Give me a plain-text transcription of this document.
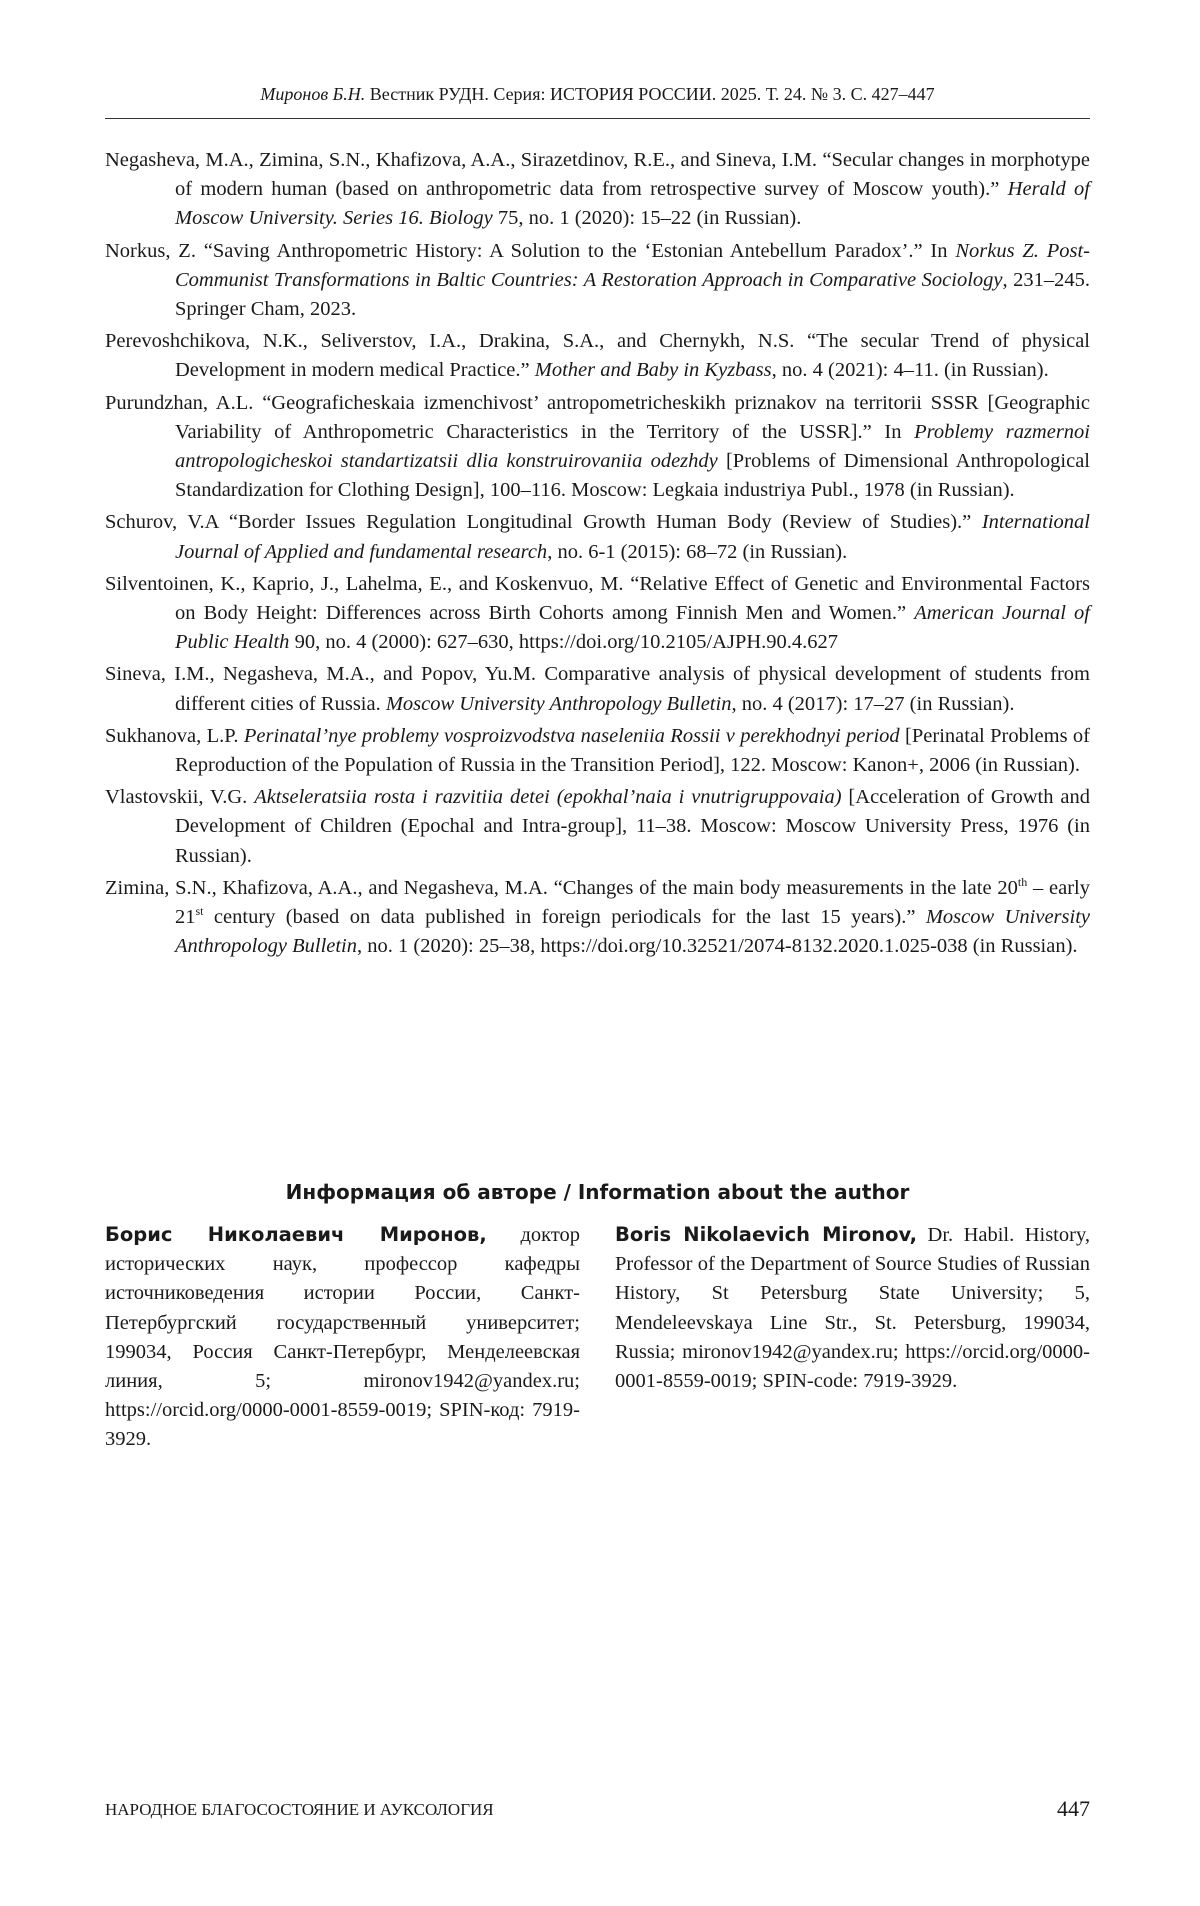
Миронов Б.Н. Вестник РУДН. Серия: ИСТОРИЯ РОССИИ. 2025. Т. 24. № 3. С. 427–447

Negasheva, M.A., Zimina, S.N., Khafizova, A.A., Sirazetdinov, R.E., and Sineva, I.M. “Secular changes in morphotype of modern human (based on anthropometric data from retrospective survey of Moscow youth).” Herald of Moscow University. Series 16. Biology 75, no. 1 (2020): 15–22 (in Russian).

Norkus, Z. “Saving Anthropometric History: A Solution to the ‘Estonian Antebellum Paradox’.” In Norkus Z. Post-Communist Transformations in Baltic Countries: A Restoration Approach in Comparative Sociology, 231–245. Springer Cham, 2023.

Perevoshchikova, N.K., Seliverstov, I.A., Drakina, S.A., and Chernykh, N.S. “The secular Trend of physical Development in modern medical Practice.” Mother and Baby in Kyzbass, no. 4 (2021): 4–11. (in Russian).

Purundzhan, A.L. “Geograficheskaia izmenchivost’ antropometricheskikh priznakov na territorii SSSR [Geographic Variability of Anthropometric Characteristics in the Territory of the USSR].” In Problemy razmernoi antropologicheskoi standartizatsii dlia konstruirovaniia odezhdy [Problems of Dimensional Anthropological Standardization for Clothing Design], 100–116. Moscow: Legkaia industriya Publ., 1978 (in Russian).

Schurov, V.A “Border Issues Regulation Longitudinal Growth Human Body (Review of Studies).” International Journal of Applied and fundamental research, no. 6-1 (2015): 68–72 (in Russian).

Silventoinen, K., Kaprio, J., Lahelma, E., and Koskenvuo, M. “Relative Effect of Genetic and Environmental Factors on Body Height: Differences across Birth Cohorts among Finnish Men and Women.” American Journal of Public Health 90, no. 4 (2000): 627–630, https://doi.org/10.2105/AJPH.90.4.627

Sineva, I.M., Negasheva, M.A., and Popov, Yu.M. Comparative analysis of physical development of students from different cities of Russia. Moscow University Anthropology Bulletin, no. 4 (2017): 17–27 (in Russian).

Sukhanova, L.P. Perinatal’nye problemy vosproizvodstva naseleniia Rossii v perekhodnyi period [Perinatal Problems of Reproduction of the Population of Russia in the Transition Period], 122. Moscow: Kanon+, 2006 (in Russian).

Vlastovskii, V.G. Aktseleratsiia rosta i razvitiia detei (epokhal’naia i vnutrigruppovaia) [Acceleration of Growth and Development of Children (Epochal and Intra-group], 11–38. Moscow: Moscow University Press, 1976 (in Russian).

Zimina, S.N., Khafizova, A.A., and Negasheva, M.A. “Changes of the main body measurements in the late 20th – early 21st century (based on data published in foreign periodicals for the last 15 years).” Moscow University Anthropology Bulletin, no. 1 (2020): 25–38, https://doi.org/10.32521/2074-8132.2020.1.025-038 (in Russian).

Информация об авторе / Information about the author
Борис Николаевич Миронов, доктор исторических наук, профессор кафедры источниковедения истории России, Санкт-Петербургский государственный университет; 199034, Россия Санкт-Петербург, Менделеевская линия, 5; mironov1942@yandex.ru; https://orcid.org/0000-0001-8559-0019; SPIN-код: 7919-3929.
Boris Nikolaevich Mironov, Dr. Habil. History, Professor of the Department of Source Studies of Russian History, St Petersburg State University; 5, Mendeleevskaya Line Str., St. Petersburg, 199034, Russia; mironov1942@yandex.ru; https://orcid.org/0000-0001-8559-0019; SPIN-code: 7919-3929.
НАРОДНОЕ БЛАГОСОСТОЯНИЕ И АУКСОЛОГИЯ	447
